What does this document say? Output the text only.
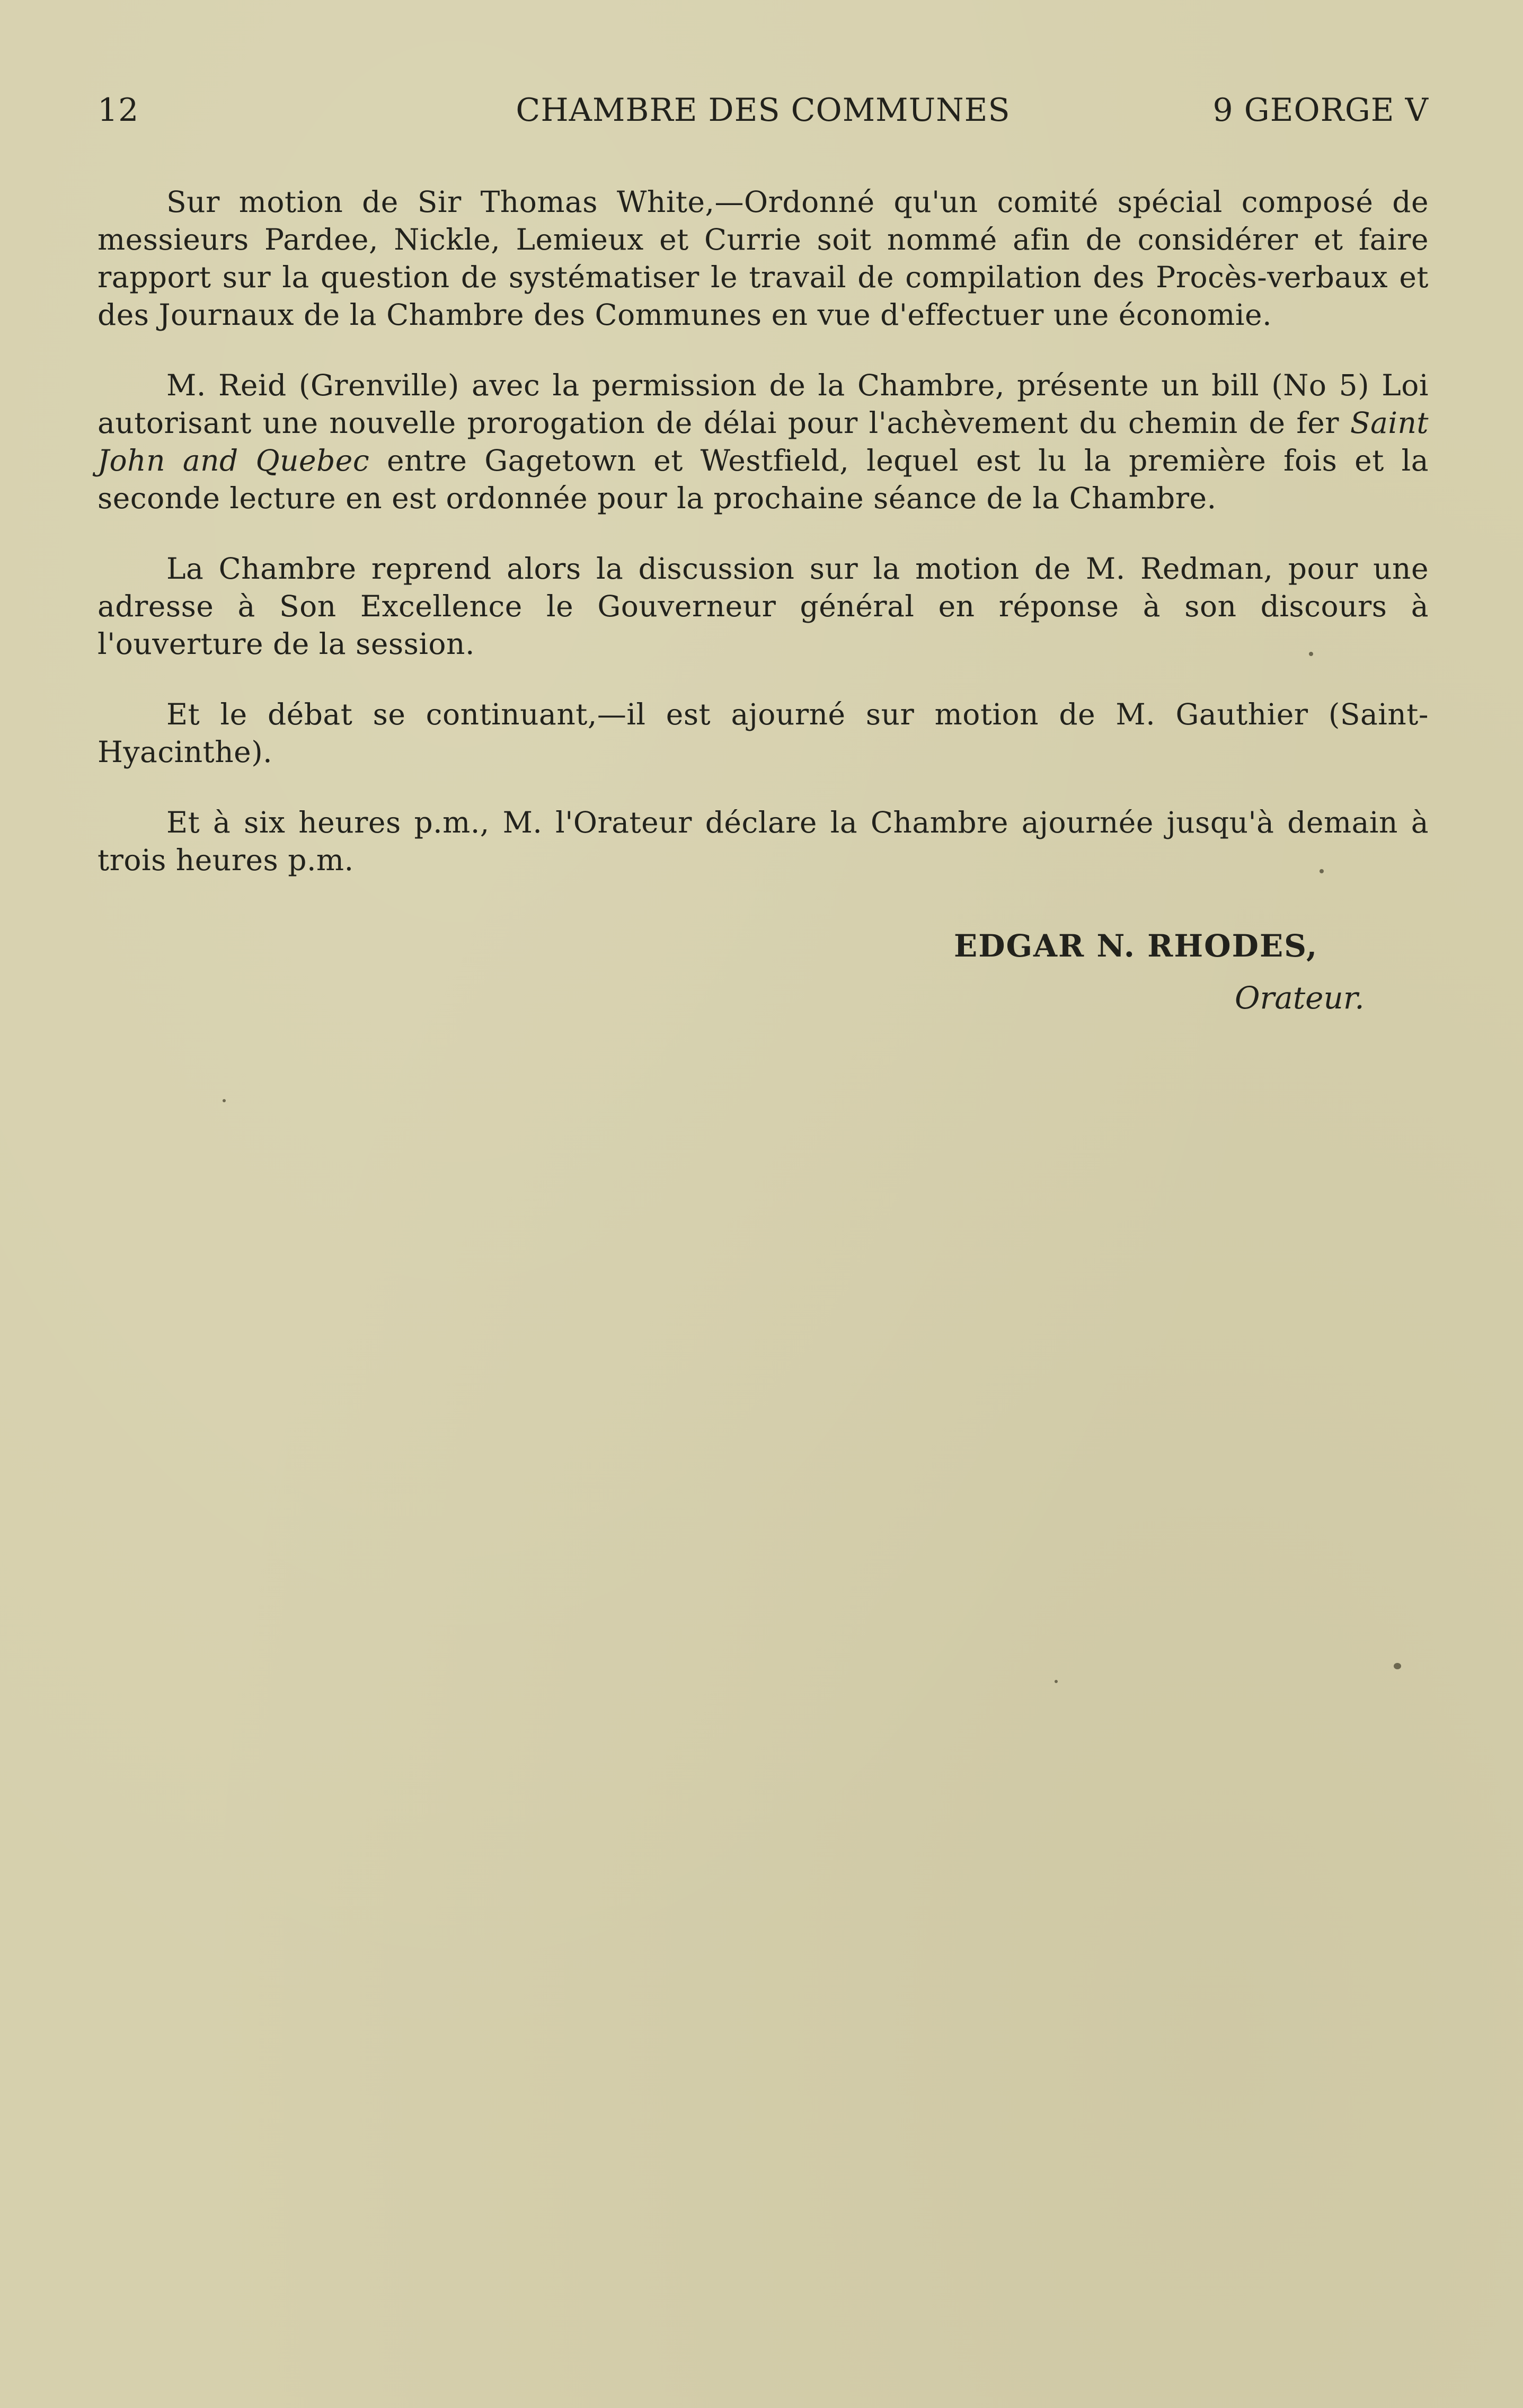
12	CHAMBRE DES COMMUNES	9 GEORGE V

Sur motion de Sir Thomas White,—Ordonné qu'un comité spécial composé de messieurs Pardee, Nickle, Lemieux et Currie soit nommé afin de considérer et faire rapport sur la question de systématiser le travail de compilation des Procès-verbaux et des Journaux de la Chambre des Communes en vue d'effectuer une économie.

M. Reid (Grenville) avec la permission de la Chambre, présente un bill (No 5) Loi autorisant une nouvelle prorogation de délai pour l'achèvement du chemin de fer Saint John and Quebec entre Gagetown et Westfield, lequel est lu la première fois et la seconde lecture en est ordonnée pour la prochaine séance de la Chambre.

La Chambre reprend alors la discussion sur la motion de M. Redman, pour une adresse à Son Excellence le Gouverneur général en réponse à son discours à l'ouverture de la session.

Et le débat se continuant,—il est ajourné sur motion de M. Gauthier (Saint-Hyacinthe).

Et à six heures p.m., M. l'Orateur déclare la Chambre ajournée jusqu'à demain à trois heures p.m.

EDGAR N. RHODES,
Orateur.
